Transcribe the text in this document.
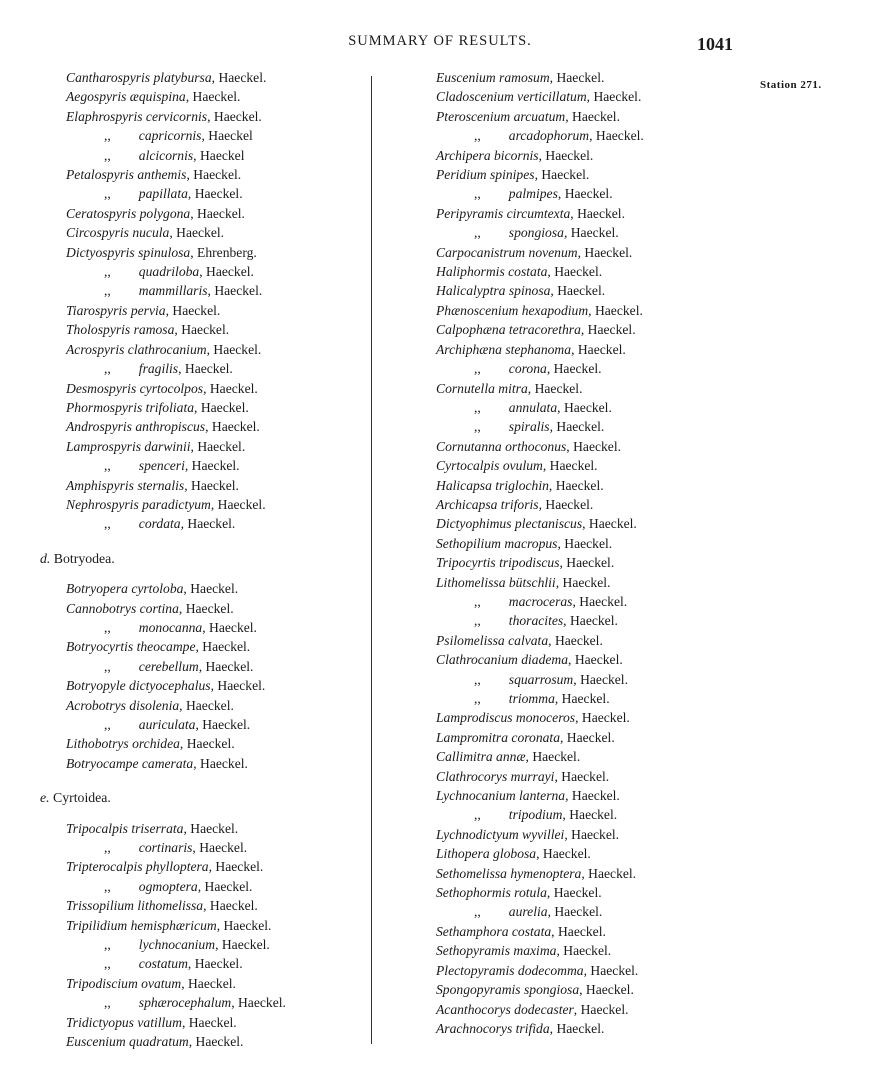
SUMMARY OF RESULTS.	1041
Station 271.
Cantharospyris platybursa, Haeckel.
Aegospyris æquispina, Haeckel.
Elaphrospyris cervicornis, Haeckel.
,, capricornis, Haeckel
,, alcicornis, Haeckel
Petalospyris anthemis, Haeckel.
,, papillata, Haeckel.
Ceratospyris polygona, Haeckel.
Circospyris nucula, Haeckel.
Dictyospyris spinulosa, Ehrenberg.
,, quadriloba, Haeckel.
,, mammillaris, Haeckel.
Tiarospyris pervia, Haeckel.
Tholospyris ramosa, Haeckel.
Acrospyris clathrocanium, Haeckel.
,, fragilis, Haeckel.
Desmospyris cyrtocolpos, Haeckel.
Phormospyris trifoliata, Haeckel.
Androspyris anthropiscus, Haeckel.
Lamprospyris darwinii, Haeckel.
,, spenceri, Haeckel.
Amphispyris sternalis, Haeckel.
Nephrospyris paradictyum, Haeckel.
,, cordata, Haeckel.
d. Botryodea.
Botryopera cyrtoloba, Haeckel.
Cannobotrys cortina, Haeckel.
,, monocanna, Haeckel.
Botryocyrtis theocampe, Haeckel.
,, cerebellum, Haeckel.
Botryopyle dictyocephalus, Haeckel.
Acrobotrys disolenia, Haeckel.
,, auriculata, Haeckel.
Lithobotrys orchidea, Haeckel.
Botryocampe camerata, Haeckel.
e. Cyrtoidea.
Tripocalpis triserrata, Haeckel.
,, cortinaris, Haeckel.
Tripterocalpis phylloptera, Haeckel.
,, ogmoptera, Haeckel.
Trissopilium lithomelissa, Haeckel.
Tripilidium hemisphæricum, Haeckel.
,, lychnocanium, Haeckel.
,, costatum, Haeckel.
Tripodiscium ovatum, Haeckel.
,, sphærocephalum, Haeckel.
Tridictyopus vatillum, Haeckel.
Euscenium quadratum, Haeckel.
Euscenium ramosum, Haeckel.
Cladoscenium verticillatum, Haeckel.
Pteroscenium arcuatum, Haeckel.
,, arcadophorum, Haeckel.
Archipera bicornis, Haeckel.
Peridium spinipes, Haeckel.
,, palmipes, Haeckel.
Peripyramis circumtexta, Haeckel.
,, spongiosa, Haeckel.
Carpocanistrum novenum, Haeckel.
Haliphormis costata, Haeckel.
Halicalyptra spinosa, Haeckel.
Phænoscenium hexapodium, Haeckel.
Calpophæna tetracorethra, Haeckel.
Archiphæna stephanoma, Haeckel.
,, corona, Haeckel.
Cornutella mitra, Haeckel.
,, annulata, Haeckel.
,, spiralis, Haeckel.
Cornutanna orthoconus, Haeckel.
Cyrtocalpis ovulum, Haeckel.
Halicapsa triglochin, Haeckel.
Archicapsa triforis, Haeckel.
Dictyophimus plectaniscus, Haeckel.
Sethopilium macropus, Haeckel.
Tripocyrtis tripodiscus, Haeckel.
Lithomelissa bütschlii, Haeckel.
,, macroceras, Haeckel.
,, thoracites, Haeckel.
Psilomelissa calvata, Haeckel.
Clathrocanium diadema, Haeckel.
,, squarrosum, Haeckel.
,, triomma, Haeckel.
Lamprodiscus monoceros, Haeckel.
Lampromitra coronata, Haeckel.
Callimitra annæ, Haeckel.
Clathrocorys murrayi, Haeckel.
Lychnocanium lanterna, Haeckel.
,, tripodium, Haeckel.
Lychnodictyum wyvillei, Haeckel.
Lithopera globosa, Haeckel.
Sethomelissa hymenoptera, Haeckel.
Sethophormis rotula, Haeckel.
,, aurelia, Haeckel.
Sethamphora costata, Haeckel.
Sethopyramis maxima, Haeckel.
Plectopyramis dodecomma, Haeckel.
Spongopyramis spongiosa, Haeckel.
Acanthocorys dodecaster, Haeckel.
Arachnocorys trifida, Haeckel.
